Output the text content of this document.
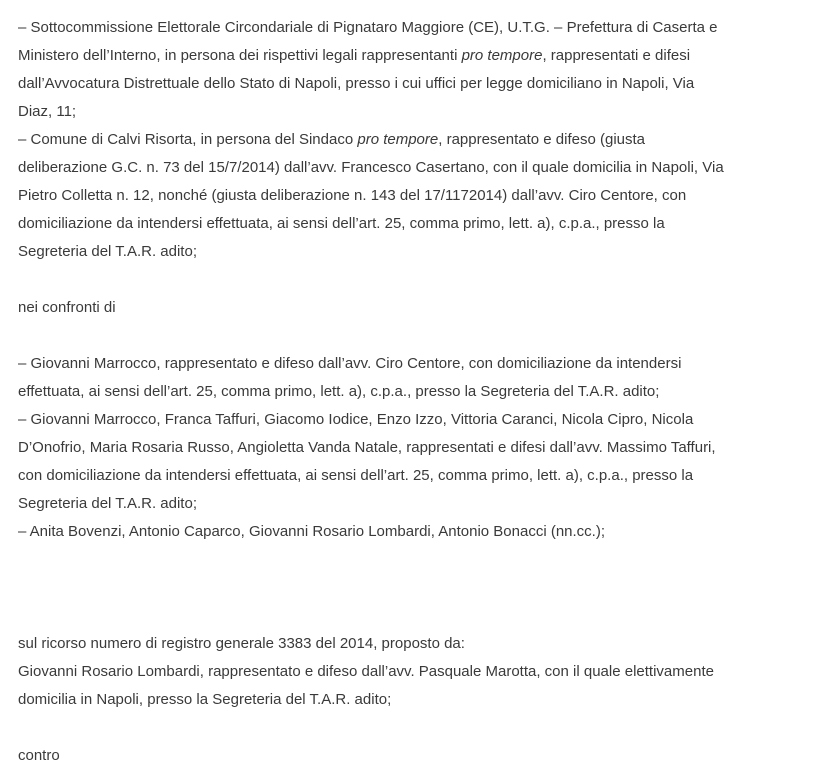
– Sottocommissione Elettorale Circondariale di Pignataro Maggiore (CE), U.T.G. – Prefettura di Caserta e
Ministero dell’Interno, in persona dei rispettivi legali rappresentanti pro tempore, rappresentati e difesi
dall’Avvocatura Distrettuale dello Stato di Napoli, presso i cui uffici per legge domiciliano in Napoli, Via
Diaz, 11;

– Comune di Calvi Risorta, in persona del Sindaco pro tempore, rappresentato e difeso (giusta
deliberazione G.C. n. 73 del 15/7/2014) dall’avv. Francesco Casertano, con il quale domicilia in Napoli, Via
Pietro Colletta n. 12, nonché (giusta deliberazione n. 143 del 17/1172014) dall’avv. Ciro Centore, con
domiciliazione da intendersi effettuata, ai sensi dell’art. 25, comma primo, lett. a), c.p.a., presso la
Segreteria del T.A.R. adito;

nei confronti di

– Giovanni Marrocco, rappresentato e difeso dall’avv. Ciro Centore, con domiciliazione da intendersi
effettuata, ai sensi dell’art. 25, comma primo, lett. a), c.p.a., presso la Segreteria del T.A.R. adito;
– Giovanni Marrocco, Franca Taffuri, Giacomo Iodice, Enzo Izzo, Vittoria Caranci, Nicola Cipro, Nicola
D’Onofrio, Maria Rosaria Russo, Angioletta Vanda Natale, rappresentati e difesi dall’avv. Massimo Taffuri,
con domiciliazione da intendersi effettuata, ai sensi dell’art. 25, comma primo, lett. a), c.p.a., presso la
Segreteria del T.A.R. adito;
– Anita Bovenzi, Antonio Caparco, Giovanni Rosario Lombardi, Antonio Bonacci (nn.cc.);

sul ricorso numero di registro generale 3383 del 2014, proposto da:
Giovanni Rosario Lombardi, rappresentato e difeso dall’avv. Pasquale Marotta, con il quale elettivamente
domicilia in Napoli, presso la Segreteria del T.A.R. adito;

contro
